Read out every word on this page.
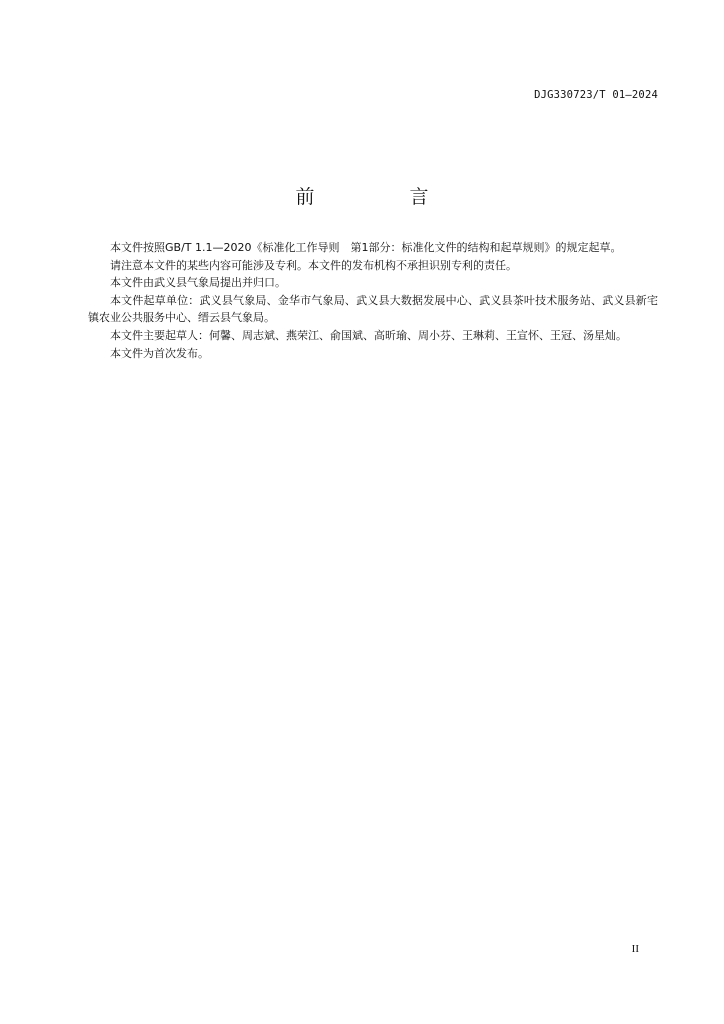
DJG330723/T 01—2024
前　言

本文件按照GB/T 1.1—2020《标准化工作导则　第1部分：标准化文件的结构和起草规则》的规定起草。

请注意本文件的某些内容可能涉及专利。本文件的发布机构不承担识别专利的责任。

本文件由武义县气象局提出并归口。

本文件起草单位：武义县气象局、金华市气象局、武义县大数据发展中心、武义县茶叶技术服务站、武义县新宅镇农业公共服务中心、缙云县气象局。

本文件主要起草人：何馨、周志斌、燕荣江、俞国斌、高昕瑜、周小芬、王琳莉、王宣怀、王冠、汤星灿。

本文件为首次发布。

II
